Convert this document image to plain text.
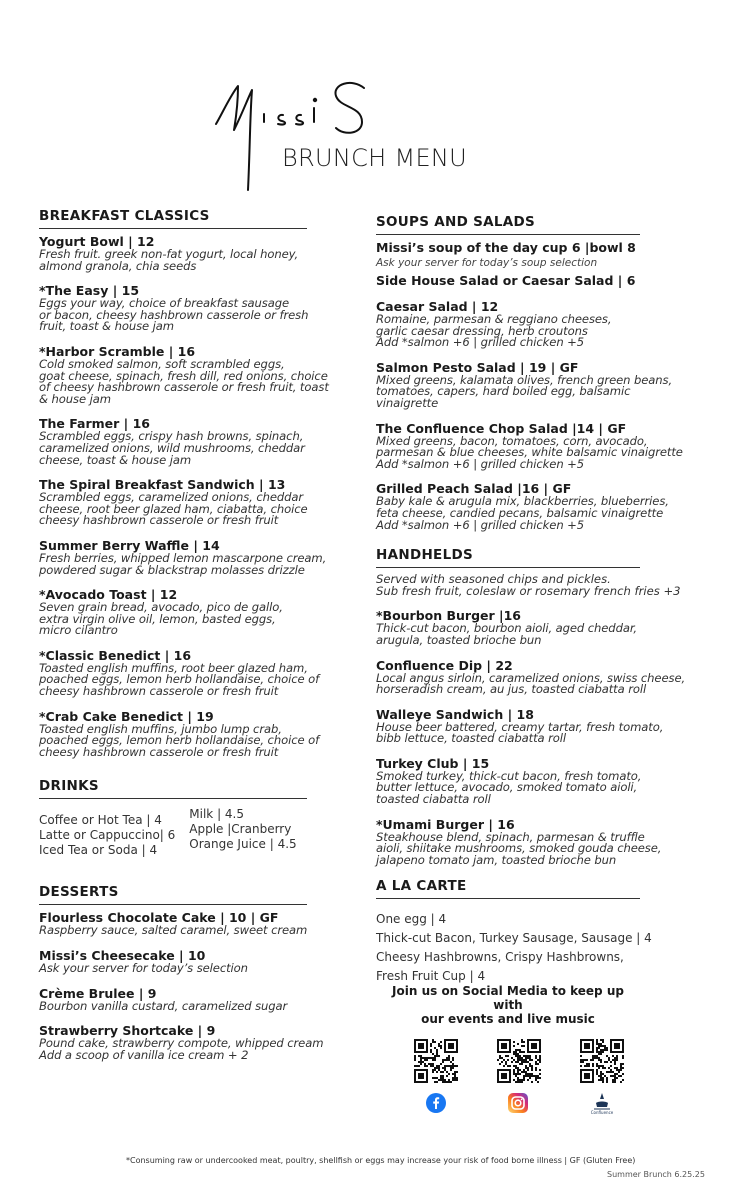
BRUNCH MENU
BREAKFAST CLASSICS
Yogurt Bowl | 12
Fresh fruit. greek non-fat yogurt, local honey,
almond granola, chia seeds
*The Easy | 15
Eggs your way, choice of breakfast sausage
or bacon, cheesy hashbrown casserole or fresh
fruit, toast & house jam
*Harbor Scramble | 16
Cold smoked salmon, soft scrambled eggs,
goat cheese, spinach, fresh dill, red onions, choice
of cheesy hashbrown casserole or fresh fruit, toast
& house jam
The Farmer | 16
Scrambled eggs, crispy hash browns, spinach,
caramelized onions, wild mushrooms, cheddar
cheese, toast & house jam
The Spiral Breakfast Sandwich | 13
Scrambled eggs, caramelized onions, cheddar
cheese, root beer glazed ham, ciabatta, choice
cheesy hashbrown casserole or fresh fruit
Summer Berry Waffle | 14
Fresh berries, whipped lemon mascarpone cream,
powdered sugar & blackstrap molasses drizzle
*Avocado Toast | 12
Seven grain bread, avocado, pico de gallo,
extra virgin olive oil, lemon, basted eggs,
micro cilantro
*Classic Benedict | 16
Toasted english muffins, root beer glazed ham,
poached eggs, lemon herb hollandaise, choice of
cheesy hashbrown casserole or fresh fruit
*Crab Cake Benedict | 19
Toasted english muffins, jumbo lump crab,
poached eggs, lemon herb hollandaise, choice of
cheesy hashbrown casserole or fresh fruit
DRINKS
Coffee or Hot Tea | 4
Latte or Cappuccino| 6
Iced Tea or Soda | 4
Milk | 4.5
Apple |Cranberry
Orange Juice | 4.5
DESSERTS
Flourless Chocolate Cake | 10 | GF
Raspberry sauce, salted caramel, sweet cream
Missi’s Cheesecake | 10
Ask your server for today’s selection
Crème Brulee | 9
Bourbon vanilla custard, caramelized sugar
Strawberry Shortcake | 9
Pound cake, strawberry compote, whipped cream
Add a scoop of vanilla ice cream + 2
SOUPS AND SALADS
Missi’s soup of the day cup 6 |bowl 8
Ask your server for today’s soup selection
Side House Salad or Caesar Salad | 6
Caesar Salad | 12
Romaine, parmesan & reggiano cheeses,
garlic caesar dressing, herb croutons
Add *salmon +6 | grilled chicken +5
Salmon Pesto Salad | 19 | GF
Mixed greens, kalamata olives, french green beans,
tomatoes, capers, hard boiled egg, balsamic vinaigrette
The Confluence Chop Salad |14 | GF
Mixed greens, bacon, tomatoes, corn, avocado,
parmesan & blue cheeses, white balsamic vinaigrette
Add *salmon +6 | grilled chicken +5
Grilled Peach Salad |16 | GF
Baby kale & arugula mix, blackberries, blueberries,
feta cheese, candied pecans, balsamic vinaigrette
Add *salmon +6 | grilled chicken +5
HANDHELDS
Served with seasoned chips and pickles.
Sub fresh fruit, coleslaw or rosemary french fries +3
*Bourbon Burger |16
Thick-cut bacon, bourbon aioli, aged cheddar,
arugula, toasted brioche bun
Confluence Dip | 22
Local angus sirloin, caramelized onions, swiss cheese,
horseradish cream, au jus, toasted ciabatta roll
Walleye Sandwich | 18
House beer battered, creamy tartar, fresh tomato,
bibb lettuce, toasted ciabatta roll
Turkey Club | 15
Smoked turkey, thick-cut bacon, fresh tomato,
butter lettuce, avocado, smoked tomato aioli,
toasted ciabatta roll
*Umami Burger | 16
Steakhouse blend, spinach, parmesan & truffle
aioli, shiitake mushrooms, smoked gouda cheese,
jalapeno tomato jam, toasted brioche bun
A LA CARTE
One egg | 4
Thick-cut Bacon, Turkey Sausage, Sausage | 4
Cheesy Hashbrowns, Crispy Hashbrowns,
Fresh Fruit Cup | 4
Join us on Social Media to keep up with
our events and live music
Confluence
*Consuming raw or undercooked meat, poultry, shellfish or eggs may increase your risk of food borne illness | GF (Gluten Free)
Summer Brunch 6.25.25
